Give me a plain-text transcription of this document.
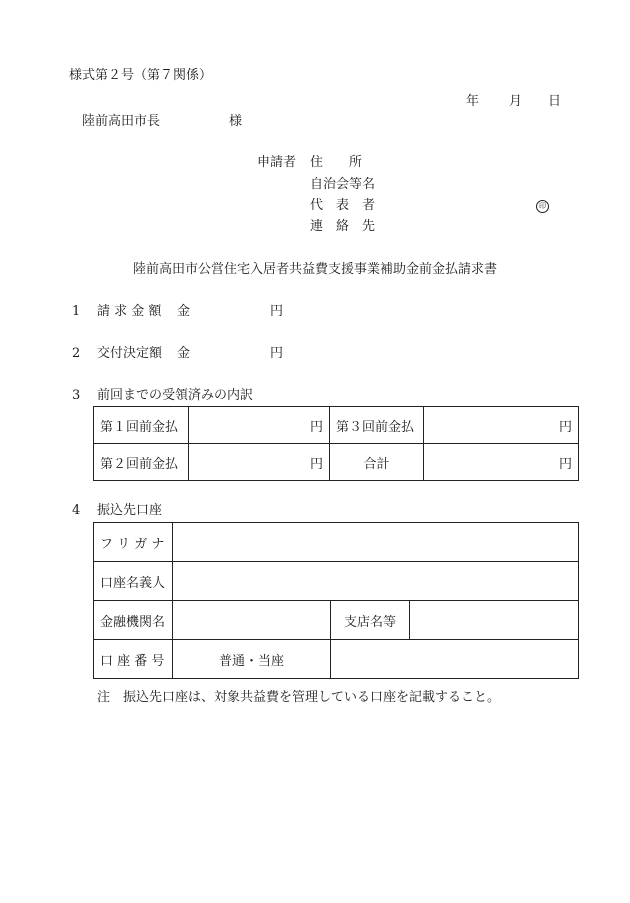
様式第２号（第７関係）
年 月 日
陸前高田市長	様
申請者 住　　所
自治会等名
代　表　者	印
連　絡　先
陸前高田市公営住宅入居者共益費支援事業補助金前金払請求書
1 請 求 金 額 金	円
2 交付決定額 金	円
3 前回までの受領済みの内訳
第１回前金払	円	第３回前金払	円
第２回前金払	円	合計	円
4 振込先口座
フ リ ガ ナ			
口座名義人			
金融機関名		支店名等	
口 座 番 号	普通・当座		
注　振込先口座は、対象共益費を管理している口座を記載すること。
